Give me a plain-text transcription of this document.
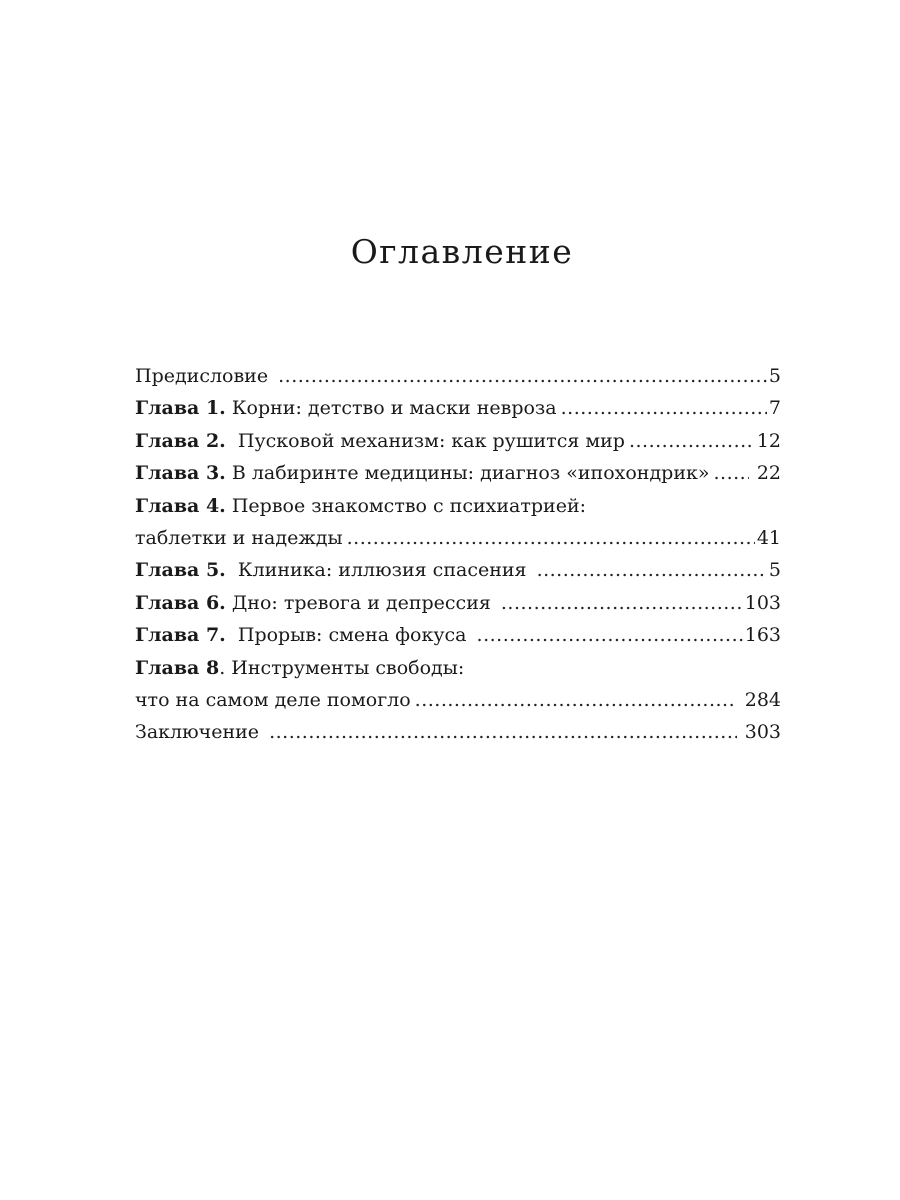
Оглавление
Предисловие .....	5
Глава 1. Корни: детство и маски невроза .....	7
Глава 2. Пусковой механизм: как рушится мир .....	12
Глава 3. В лабиринте медицины: диагноз «ипохондрик» ..... 22
Глава 4. Первое знакомство с психиатрией:
таблетки и надежды .....	41
Глава 5. Клиника: иллюзия спасения .....	5
Глава 6. Дно: тревога и депрессия .....	103
Глава 7. Прорыв: смена фокуса .....	163
Глава 8 . Инструменты свободы:
что на самом деле помогло .....	284
Заключение .....	303
